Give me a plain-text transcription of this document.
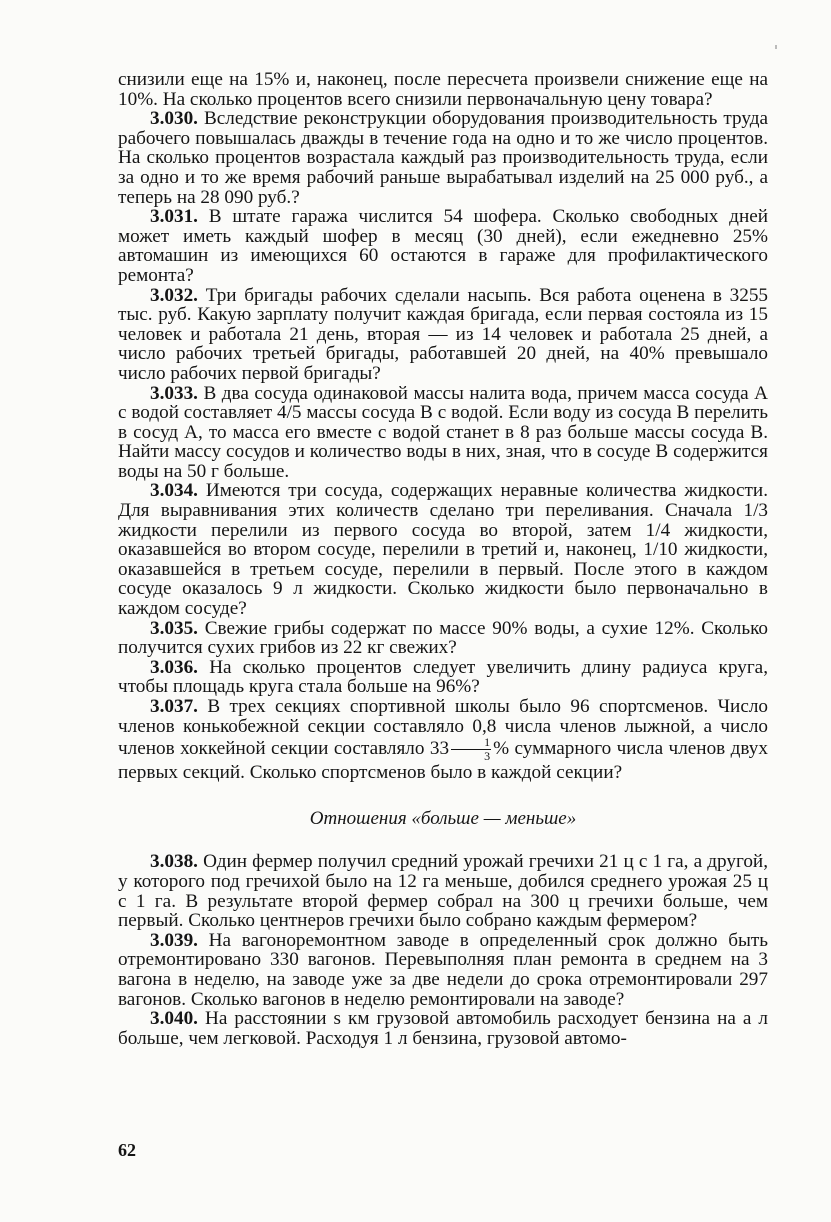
снизили еще на 15% и, наконец, после пересчета произвели снижение еще на 10%. На сколько процентов всего снизили первоначальную цену товара?

3.030. Вследствие реконструкции оборудования производительность труда рабочего повышалась дважды в течение года на одно и то же число процентов. На сколько процентов возрастала каждый раз производительность труда, если за одно и то же время рабочий раньше вырабатывал изделий на 25 000 руб., а теперь на 28 090 руб.?

3.031. В штате гаража числится 54 шофера. Сколько свободных дней может иметь каждый шофер в месяц (30 дней), если ежедневно 25% автомашин из имеющихся 60 остаются в гараже для профилактического ремонта?

3.032. Три бригады рабочих сделали насыпь. Вся работа оценена в 3255 тыс. руб. Какую зарплату получит каждая бригада, если первая состояла из 15 человек и работала 21 день, вторая — из 14 человек и работала 25 дней, а число рабочих третьей бригады, работавшей 20 дней, на 40% превышало число рабочих первой бригады?

3.033. В два сосуда одинаковой массы налита вода, причем масса сосуда A с водой составляет 4/5 массы сосуда B с водой. Если воду из сосуда B перелить в сосуд A, то масса его вместе с водой станет в 8 раз больше массы сосуда B. Найти массу сосудов и количество воды в них, зная, что в сосуде B содержится воды на 50 г больше.

3.034. Имеются три сосуда, содержащих неравные количества жидкости. Для выравнивания этих количеств сделано три переливания. Сначала 1/3 жидкости перелили из первого сосуда во второй, затем 1/4 жидкости, оказавшейся во втором сосуде, перелили в третий и, наконец, 1/10 жидкости, оказавшейся в третьем сосуде, перелили в первый. После этого в каждом сосуде оказалось 9 л жидкости. Сколько жидкости было первоначально в каждом сосуде?

3.035. Свежие грибы содержат по массе 90% воды, а сухие 12%. Сколько получится сухих грибов из 22 кг свежих?

3.036. На сколько процентов следует увеличить длину радиуса круга, чтобы площадь круга стала больше на 96%?

3.037. В трех секциях спортивной школы было 96 спортсменов. Число членов конькобежной секции составляло 0,8 числа членов лыжной, а число членов хоккейной секции составляло $33 \frac{1}{3}$ % суммарного числа членов двух первых секций. Сколько спортсменов было в каждой секции?

Отношения «больше — меньше»

3.038. Один фермер получил средний урожай гречихи 21 ц с 1 га, а другой, у которого под гречихой было на 12 га меньше, добился среднего урожая 25 ц с 1 га. В результате второй фермер собрал на 300 ц гречихи больше, чем первый. Сколько центнеров гречихи было собрано каждым фермером?

3.039. На вагоноремонтном заводе в определенный срок должно быть отремонтировано 330 вагонов. Перевыполняя план ремонта в среднем на 3 вагона в неделю, на заводе уже за две недели до срока отремонтировали 297 вагонов. Сколько вагонов в неделю ремонтировали на заводе?

3.040. На расстоянии s км грузовой автомобиль расходует бензина на a л больше, чем легковой. Расходуя 1 л бензина, грузовой автомо-

62
